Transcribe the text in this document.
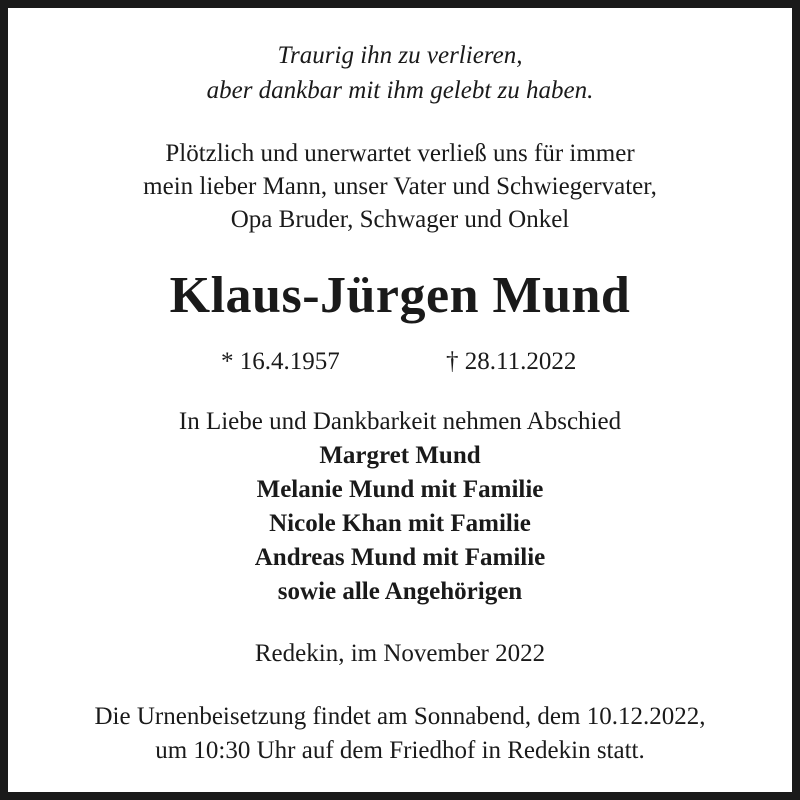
Traurig ihn zu verlieren,
aber dankbar mit ihm gelebt zu haben.
Plötzlich und unerwartet verließ uns für immer
mein lieber Mann, unser Vater und Schwiegervater,
Opa Bruder, Schwager und Onkel
Klaus-Jürgen Mund
* 16.4.1957	† 28.11.2022
In Liebe und Dankbarkeit nehmen Abschied
Margret Mund
Melanie Mund mit Familie
Nicole Khan mit Familie
Andreas Mund mit Familie
sowie alle Angehörigen
Redekin, im November 2022
Die Urnenbeisetzung findet am Sonnabend, dem 10.12.2022,
um 10:30 Uhr auf dem Friedhof in Redekin statt.
